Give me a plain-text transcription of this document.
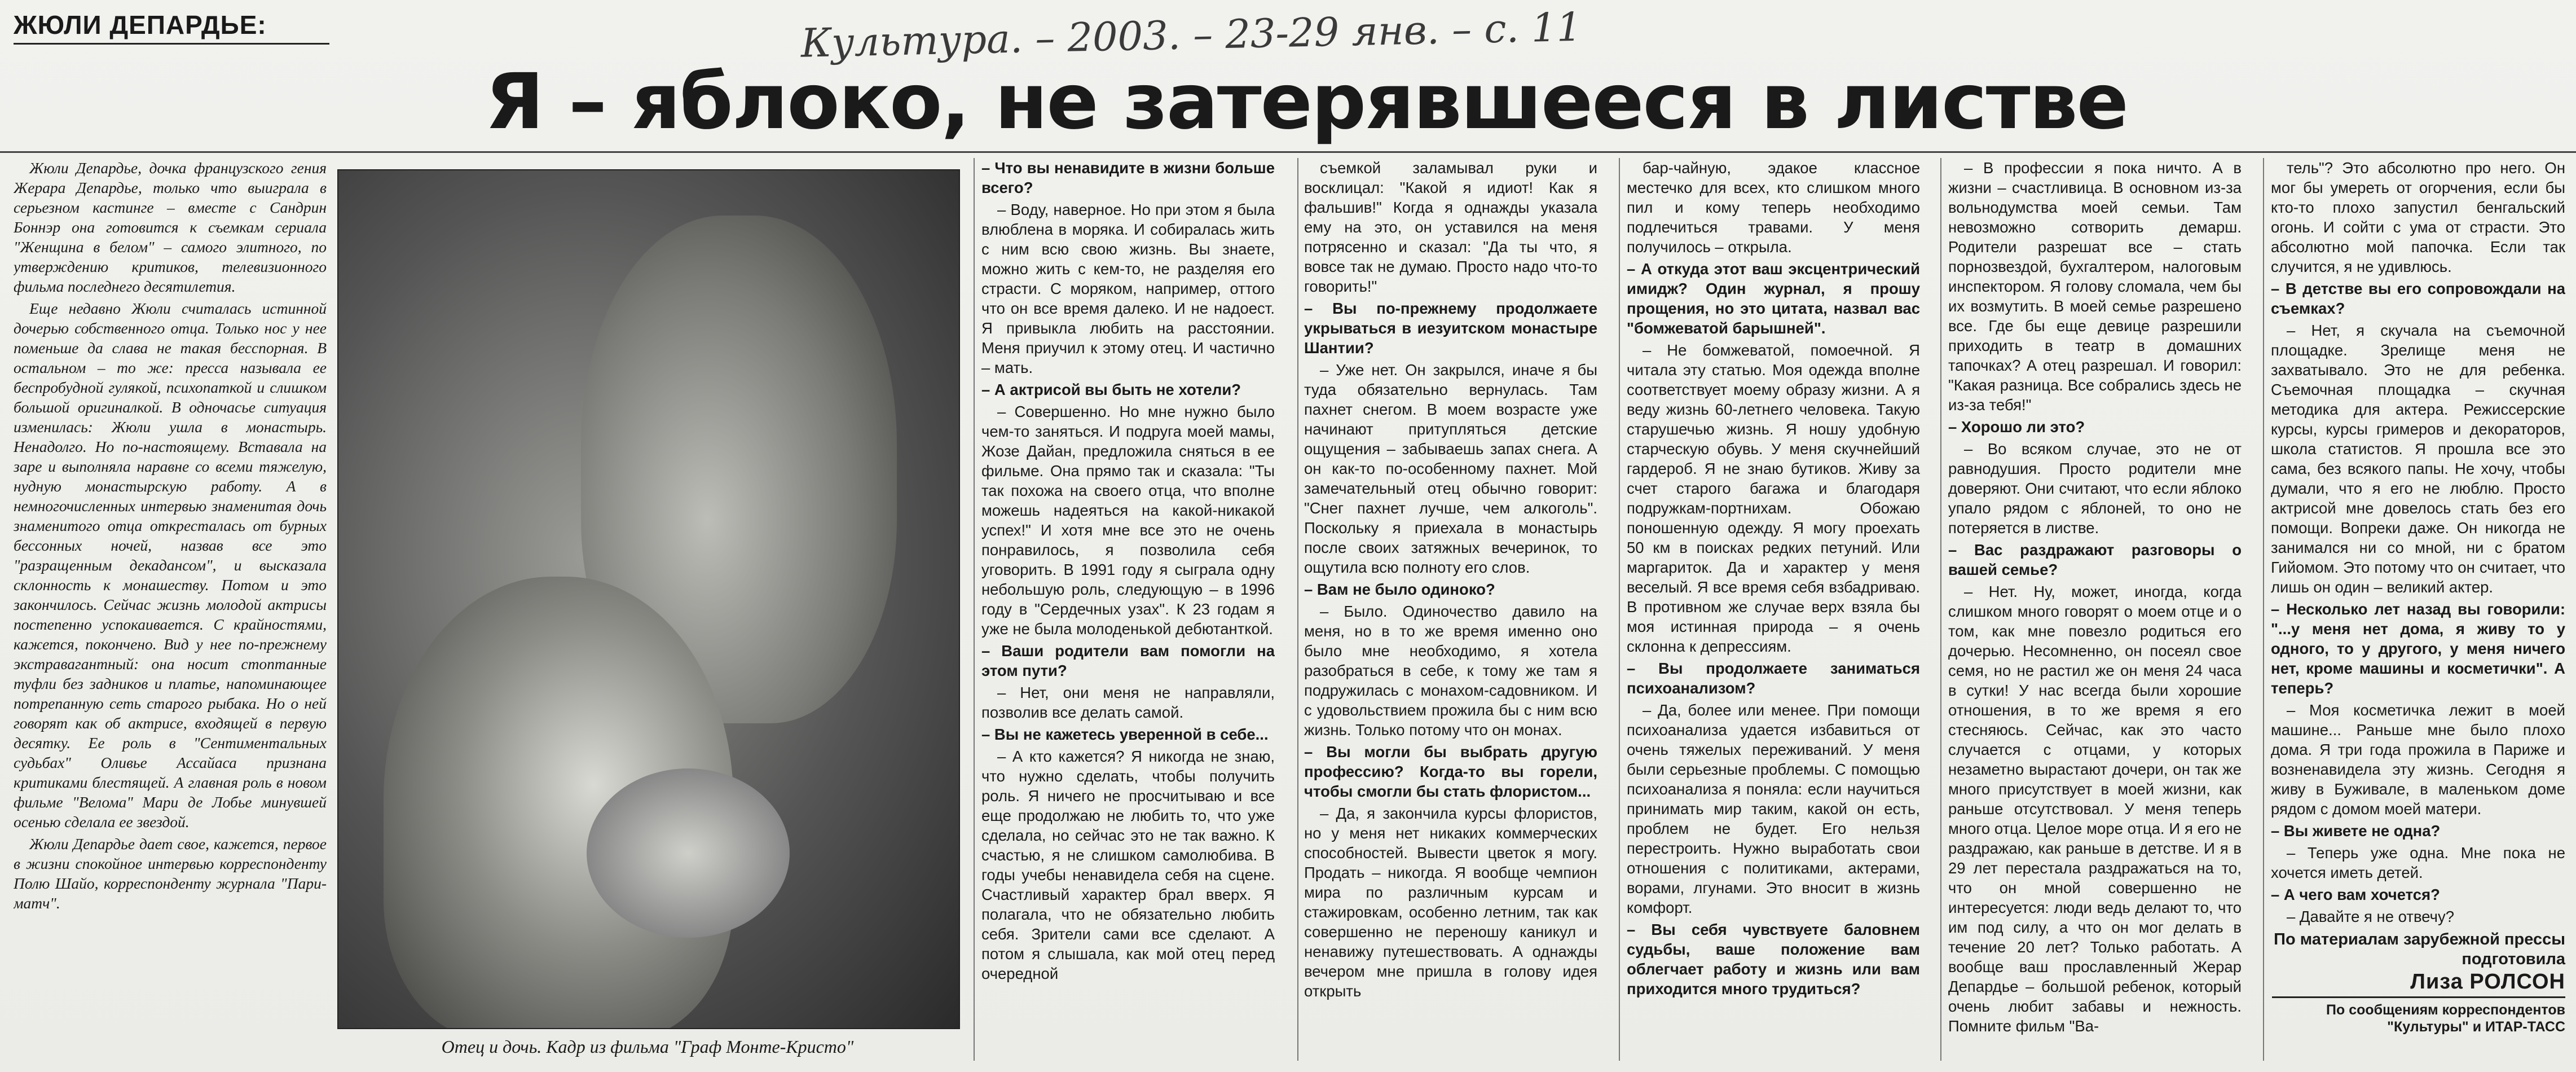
ЖЮЛИ ДЕПАРДЬЕ:	Культура. – 2003. – 23-29 янв. – с. 11
Я – яблоко, не затерявшееся в листве

Жюли Депардье, дочка французского гения Жерара Депардье, только что выиграла в серьезном кастинге – вместе с Сандрин Боннэр она готовится к съемкам сериала "Женщина в белом" – самого элитного, по утверждению критиков, телевизионного фильма последнего десятилетия.

Еще недавно Жюли считалась истинной дочерью собственного отца. Только нос у нее поменьше да слава не такая бесспорная. В остальном – то же: пресса называла ее беспробудной гулякой, психопаткой и слишком большой оригиналкой. В одночасье ситуация изменилась: Жюли ушла в монастырь. Ненадолго. Но по-настоящему. Вставала на заре и выполняла наравне со всеми тяжелую, нудную монастырскую работу. А в немногочисленных интервью знаменитая дочь знаменитого отца откресталась от бурных бессонных ночей, назвав все это "разращенным декадансом", и высказала склонность к монашеству. Потом и это закончилось. Сейчас жизнь молодой актрисы постепенно успокаивается. С крайностями, кажется, покончено. Вид у нее по-прежнему экстравагантный: она носит стоптанные туфли без задников и платье, напоминающее потрепанную сеть старого рыбака. Но о ней говорят как об актрисе, входящей в первую десятку. Ее роль в "Сентиментальных судьбах" Оливье Ассайаса признана критиками блестящей. А главная роль в новом фильме "Велома" Мари де Лобье минувшей осенью сделала ее звездой.

Жюли Депардье дает свое, кажется, первое в жизни спокойное интервью корреспонденту Полю Шайо, корреспонденту журнала "Пари-матч".

Отец и дочь. Кадр из фильма "Граф Монте-Кристо"

– Что вы ненавидите в жизни больше всего?

– Воду, наверное. Но при этом я была влюблена в моряка. И собиралась жить с ним всю свою жизнь. Вы знаете, можно жить с кем-то, не разделяя его страсти. С моряком, например, оттого что он все время далеко. И не надоест. Я привыкла любить на расстоянии. Меня приучил к этому отец. И частично – мать.

– А актрисой вы быть не хотели?

– Совершенно. Но мне нужно было чем-то заняться. И подруга моей мамы, Жозе Дайан, предложила сняться в ее фильме. Она прямо так и сказала: "Ты так похожа на своего отца, что вполне можешь надеяться на какой-никакой успех!" И хотя мне все это не очень понравилось, я позволила себя уговорить. В 1991 году я сыграла одну небольшую роль, следующую – в 1996 году в "Сердечных узах". К 23 годам я уже не была молоденькой дебютанткой.

– Ваши родители вам помогли на этом пути?

– Нет, они меня не направляли, позволив все делать самой.

– Вы не кажетесь уверенной в себе...

– А кто кажется? Я никогда не знаю, что нужно сделать, чтобы получить роль. Я ничего не просчитываю и все еще продолжаю не любить то, что уже сделала, но сейчас это не так важно. К счастью, я не слишком самолюбива. В годы учебы ненавидела себя на сцене. Счастливый характер брал вверх. Я полагала, что не обязательно любить себя. Зрители сами все сделают. А потом я слышала, как мой отец перед очередной

съемкой заламывал руки и восклицал: "Какой я идиот! Как я фальшив!" Когда я однажды указала ему на это, он уставился на меня потрясенно и сказал: "Да ты что, я вовсе так не думаю. Просто надо что-то говорить!"

– Вы по-прежнему продолжаете укрываться в иезуитском монастыре Шантии?

– Уже нет. Он закрылся, иначе я бы туда обязательно вернулась. Там пахнет снегом. В моем возрасте уже начинают притупляться детские ощущения – забываешь запах снега. А он как-то по-особенному пахнет. Мой замечательный отец обычно говорит: "Снег пахнет лучше, чем алкоголь". Поскольку я приехала в монастырь после своих затяжных вечеринок, то ощутила всю полноту его слов.

– Вам не было одиноко?

– Было. Одиночество давило на меня, но в то же время именно оно было мне необходимо, я хотела разобраться в себе, к тому же там я подружилась с монахом-садовником. И с удовольствием прожила бы с ним всю жизнь. Только потому что он монах.

– Вы могли бы выбрать другую профессию? Когда-то вы горели, чтобы смогли бы стать флористом...

– Да, я закончила курсы флористов, но у меня нет никаких коммерческих способностей. Вывести цветок я могу. Продать – никогда. Я вообще чемпион мира по различным курсам и стажировкам, особенно летним, так как совершенно не переношу каникул и ненавижу путешествовать. А однажды вечером мне пришла в голову идея открыть

бар-чайную, эдакое классное местечко для всех, кто слишком много пил и кому теперь необходимо подлечиться травами. У меня получилось – открыла.

– А откуда этот ваш эксцентрический имидж? Один журнал, я прошу прощения, но это цитата, назвал вас "бомжеватой барышней".

– Не бомжеватой, помоечной. Я читала эту статью. Моя одежда вполне соответствует моему образу жизни. А я веду жизнь 60-летнего человека. Такую старушечью жизнь. Я ношу удобную старческую обувь. У меня скучнейший гардероб. Я не знаю бутиков. Живу за счет старого багажа и благодаря подружкам-портнихам. Обожаю поношенную одежду. Я могу проехать 50 км в поисках редких петуний. Или маргариток. Да и характер у меня веселый. Я все время себя взбадриваю. В противном же случае верх взяла бы моя истинная природа – я очень склонна к депрессиям.

– Вы продолжаете заниматься психоанализом?

– Да, более или менее. При помощи психоанализа удается избавиться от очень тяжелых переживаний. У меня были серьезные проблемы. С помощью психоанализа я поняла: если научиться принимать мир таким, какой он есть, проблем не будет. Его нельзя перестроить. Нужно выработать свои отношения с политиками, актерами, ворами, лгунами. Это вносит в жизнь комфорт.

– Вы себя чувствуете баловнем судьбы, ваше положение вам облегчает работу и жизнь или вам приходится много трудиться?

– В профессии я пока ничто. А в жизни – счастливица. В основном из-за вольнодумства моей семьи. Там невозможно сотворить демарш. Родители разрешат все – стать порнозвездой, бухгалтером, налоговым инспектором. Я голову сломала, чем бы их возмутить. В моей семье разрешено все. Где бы еще девице разрешили приходить в театр в домашних тапочках? А отец разрешал. И говорил: "Какая разница. Все собрались здесь не из-за тебя!"

– Хорошо ли это?

– Во всяком случае, это не от равнодушия. Просто родители мне доверяют. Они считают, что если яблоко упало рядом с яблоней, то оно не потеряется в листве.

– Вас раздражают разговоры о вашей семье?

– Нет. Ну, может, иногда, когда слишком много говорят о моем отце и о том, как мне повезло родиться его дочерью. Несомненно, он посеял свое семя, но не растил же он меня 24 часа в сутки! У нас всегда были хорошие отношения, в то же время я его стесняюсь. Сейчас, как это часто случается с отцами, у которых незаметно вырастают дочери, он так же много присутствует в моей жизни, как раньше отсутствовал. У меня теперь много отца. Целое море отца. И я его не раздражаю, как раньше в детстве. И я в 29 лет перестала раздражаться на то, что он мной совершенно не интересуется: люди ведь делают то, что им под силу, а что он мог делать в течение 20 лет? Только работать. А вообще ваш прославленный Жерар Депардье – большой ребенок, который очень любит забавы и нежность. Помните фильм "Ва-

тель"? Это абсолютно про него. Он мог бы умереть от огорчения, если бы кто-то плохо запустил бенгальский огонь. И сойти с ума от страсти. Это абсолютно мой папочка. Если так случится, я не удивлюсь.

– В детстве вы его сопровождали на съемках?

– Нет, я скучала на съемочной площадке. Зрелище меня не захватывало. Это не для ребенка. Съемочная площадка – скучная методика для актера. Режиссерские курсы, курсы гримеров и декораторов, школа статистов. Я прошла все это сама, без всякого папы. Не хочу, чтобы думали, что я его не люблю. Просто актрисой мне довелось стать без его помощи. Вопреки даже. Он никогда не занимался ни со мной, ни с братом Гийомом. Это потому что он считает, что лишь он один – великий актер.

– Несколько лет назад вы говорили: "...у меня нет дома, я живу то у одного, то у другого, у меня ничего нет, кроме машины и косметички". А теперь?

– Моя косметичка лежит в моей машине... Раньше мне было плохо дома. Я три года прожила в Париже и возненавидела эту жизнь. Сегодня я живу в Буживале, в маленьком доме рядом с домом моей матери.

– Вы живете не одна?

– Теперь уже одна. Мне пока не хочется иметь детей.

– А чего вам хочется?

– Давайте я не отвечу?

По материалам зарубежной прессы подготовила
Лиза РОЛСОН
По сообщениям корреспондентов "Культуры" и ИТАР-ТАСС
